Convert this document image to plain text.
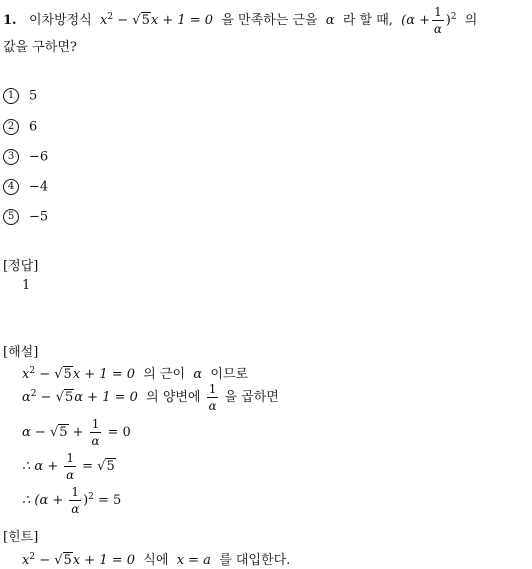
1. 이차방정식 $x^2 - √5x + 1 = 0$ 을 만족하는 근을 α 라 할 때, $(\alpha + \frac{1}{\alpha} )^2$ 의
값을 구하면?
1 5
2 6
3 −6
4 −4
5 −5
[정답]
1
[해설]
$x^2 - √5x + 1 = 0$ 의 근이 α 이므로
$\alpha^2 - √5\alpha + 1 = 0$ 의 양변에 $\frac{1}{\alpha}$ 을 곱하면
$\alpha - √5 + \frac{1}{\alpha} = 0$
∴ $\alpha + \frac{1}{\alpha} = √5$
∴ $(\alpha + \frac{1}{\alpha} )^2 = 5$
[힌트]
$x^2 - √5x + 1 = 0$ 식에 x = a 를 대입한다.
